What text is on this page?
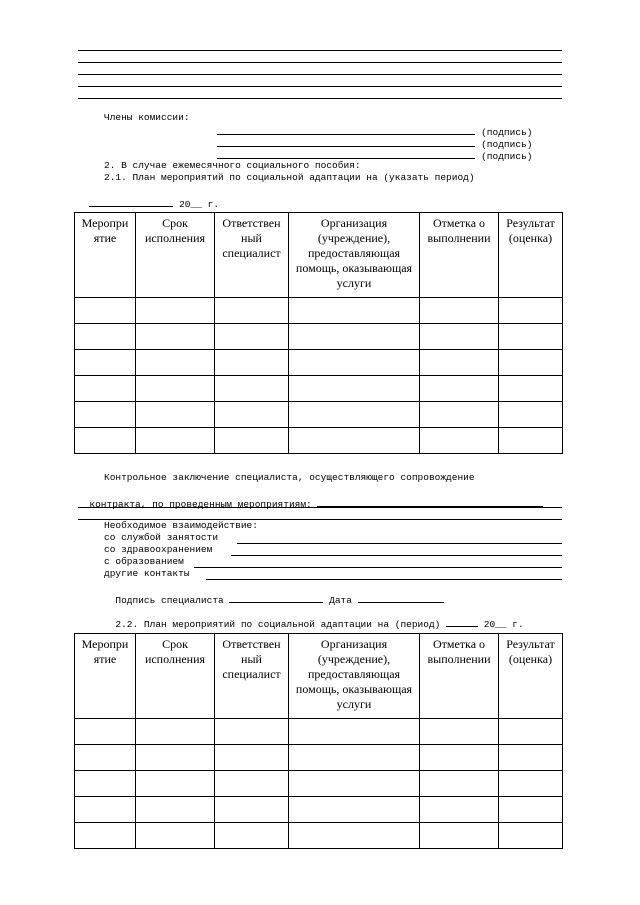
Члены комиссии:

(подпись)

(подпись)

(подпись)

2. В случае ежемесячного социального пособия:
2.1. План мероприятий по социальной адаптации на (указать период)

20__ г.

Меропри ятие	Срок исполнения	Ответствен ный специалист	Организация (учреждение), предоставляющая помощь, оказывающая услуги	Отметка о выполнении	Результат (оценка)

Контрольное заключение специалиста, осуществляющего сопровождение

контракта, по проведенным мероприятиям:

Необходимое взаимодействие:
со службой занятости
со здравоохранением
с образованием
другие контакты

Подпись специалиста	Дата

2.2. План мероприятий по социальной адаптации на (период)	20__ г.

Меропри ятие	Срок исполнения	Ответствен ный специалист	Организация (учреждение), предоставляющая помощь, оказывающая услуги	Отметка о выполнении	Результат (оценка)
